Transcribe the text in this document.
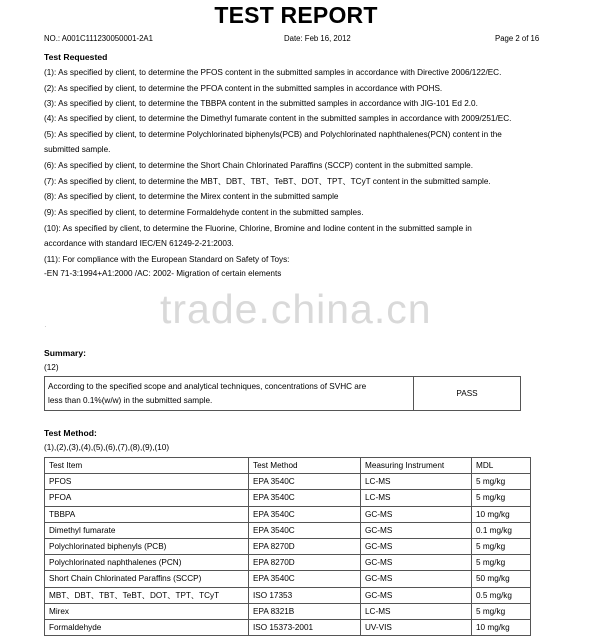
TEST REPORT
NO.: A001C111230050001-2A1	Date: Feb 16, 2012	Page 2 of 16
Test Requested
(1): As specified by client, to determine the PFOS content in the submitted samples in accordance with Directive 2006/122/EC.
(2): As specified by client, to determine the PFOA content in the submitted samples in accordance with POHS.
(3): As specified by client, to determine the TBBPA content in the submitted samples in accordance with JIG-101 Ed 2.0.
(4): As specified by client, to determine the Dimethyl fumarate content in the submitted samples in accordance with 2009/251/EC.
(5): As specified by client, to determine Polychlorinated biphenyls(PCB) and Polychlorinated naphthalenes(PCN) content in the
submitted sample.
(6): As specified by client, to determine the Short Chain Chlorinated Paraffins (SCCP) content in the submitted sample.
(7): As specified by client, to determine the MBT、DBT、TBT、TeBT、DOT、TPT、TCyT content in the submitted sample.
(8): As specified by client, to determine the Mirex content in the submitted sample
(9): As specified by client, to determine Formaldehyde content in the submitted samples.
(10): As specified by client, to determine the Fluorine, Chlorine, Bromine and Iodine content in the submitted sample in
accordance with standard IEC/EN 61249-2-21:2003.
(11): For compliance with the European Standard on Safety of Toys:
-EN 71-3:1994+A1:2000 /AC: 2002- Migration of certain elements
trade.china.cn
·
Summary:
(12)
According to the specified scope and analytical techniques, concentrations of SVHC are
less than 0.1%(w/w) in the submitted sample.	PASS
Test Method:
(1),(2),(3),(4),(5),(6),(7),(8),(9),(10)
Test Item	Test Method	Measuring Instrument	MDL
PFOS	EPA 3540C	LC-MS	5 mg/kg
PFOA	EPA 3540C	LC-MS	5 mg/kg
TBBPA	EPA 3540C	GC-MS	10 mg/kg
Dimethyl fumarate	EPA 3540C	GC-MS	0.1 mg/kg
Polychlorinated biphenyls (PCB)	EPA 8270D	GC-MS	5 mg/kg
Polychlorinated naphthalenes (PCN)	EPA 8270D	GC-MS	5 mg/kg
Short Chain Chlorinated Paraffins (SCCP)	EPA 3540C	GC-MS	50 mg/kg
MBT、DBT、TBT、TeBT、DOT、TPT、TCyT	ISO 17353	GC-MS	0.5 mg/kg
Mirex	EPA 8321B	LC-MS	5 mg/kg
Formaldehyde	ISO 15373-2001	UV-VIS	10 mg/kg
